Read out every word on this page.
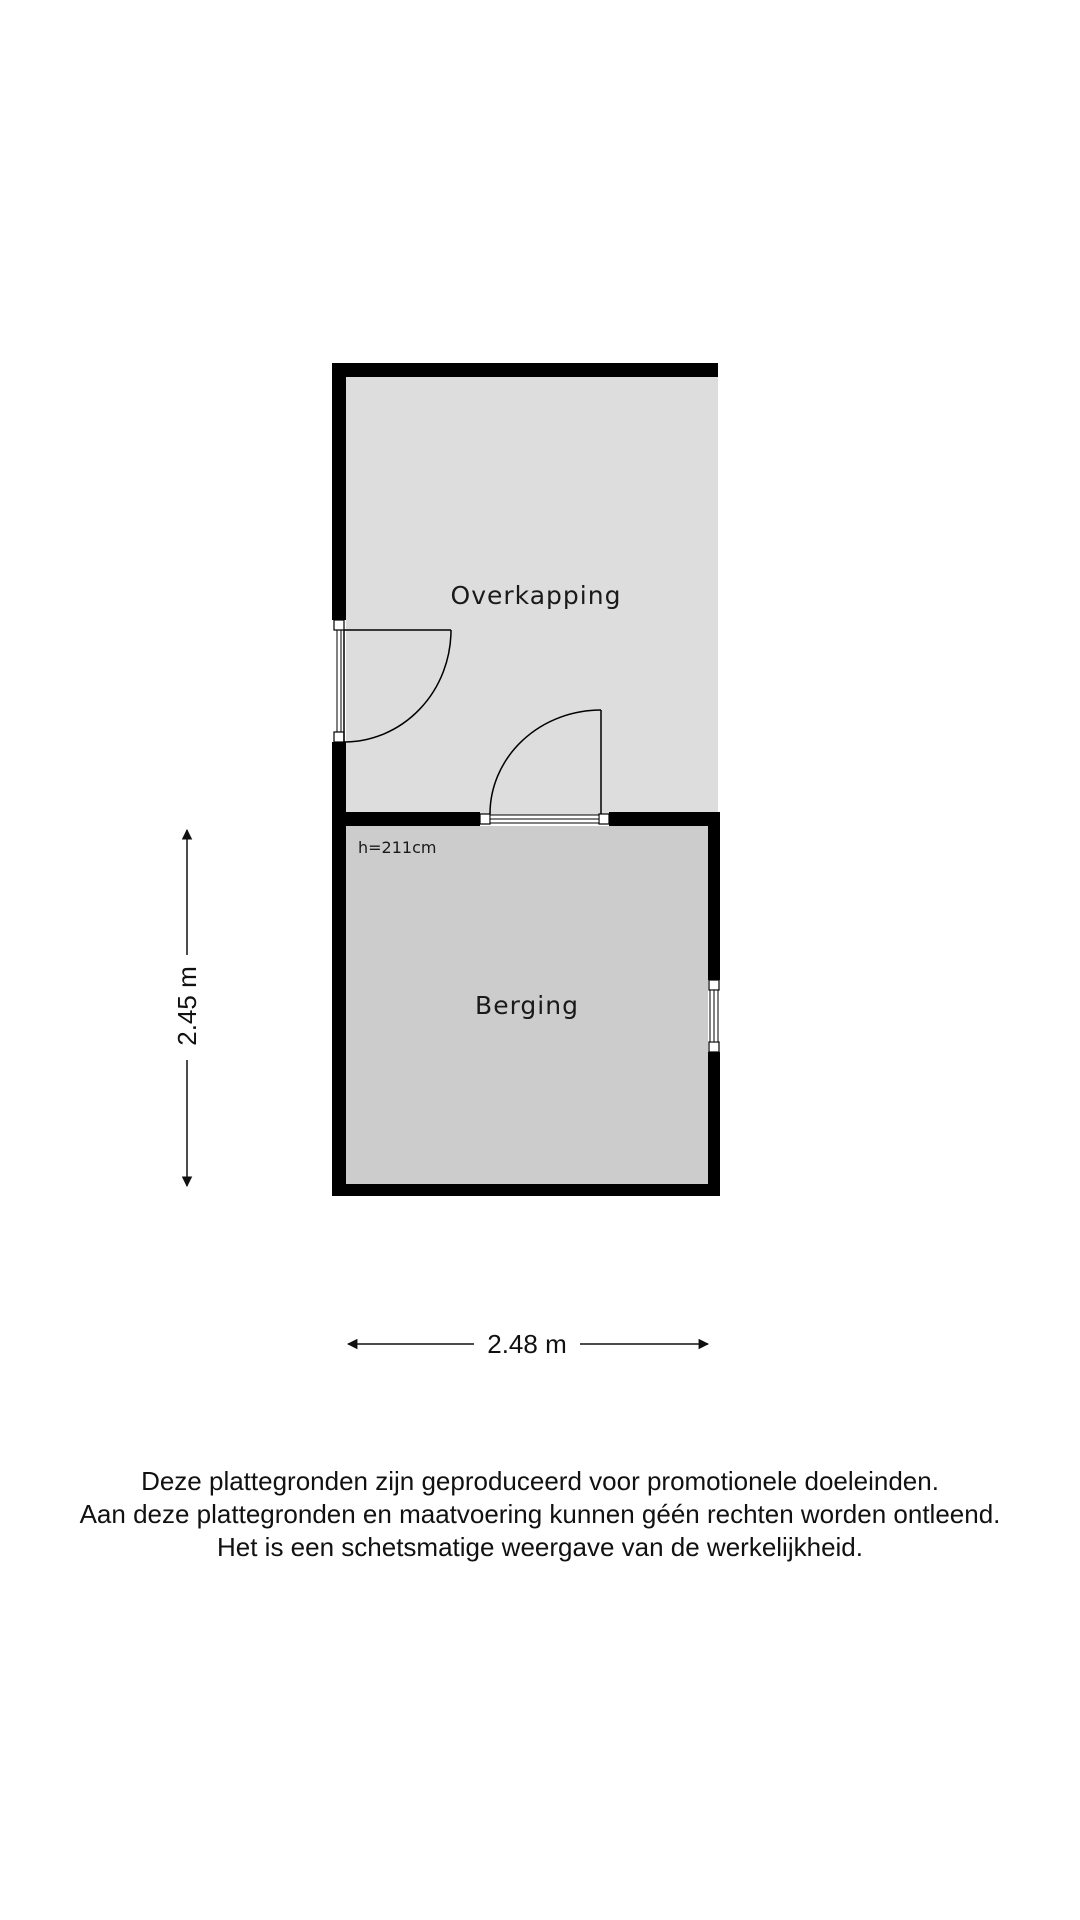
Overkapping
Berging
h=211cm
2.45 m
2.48 m
Deze plattegronden zijn geproduceerd voor promotionele doeleinden.
Aan deze plattegronden en maatvoering kunnen géén rechten worden ontleend.
Het is een schetsmatige weergave van de werkelijkheid.
